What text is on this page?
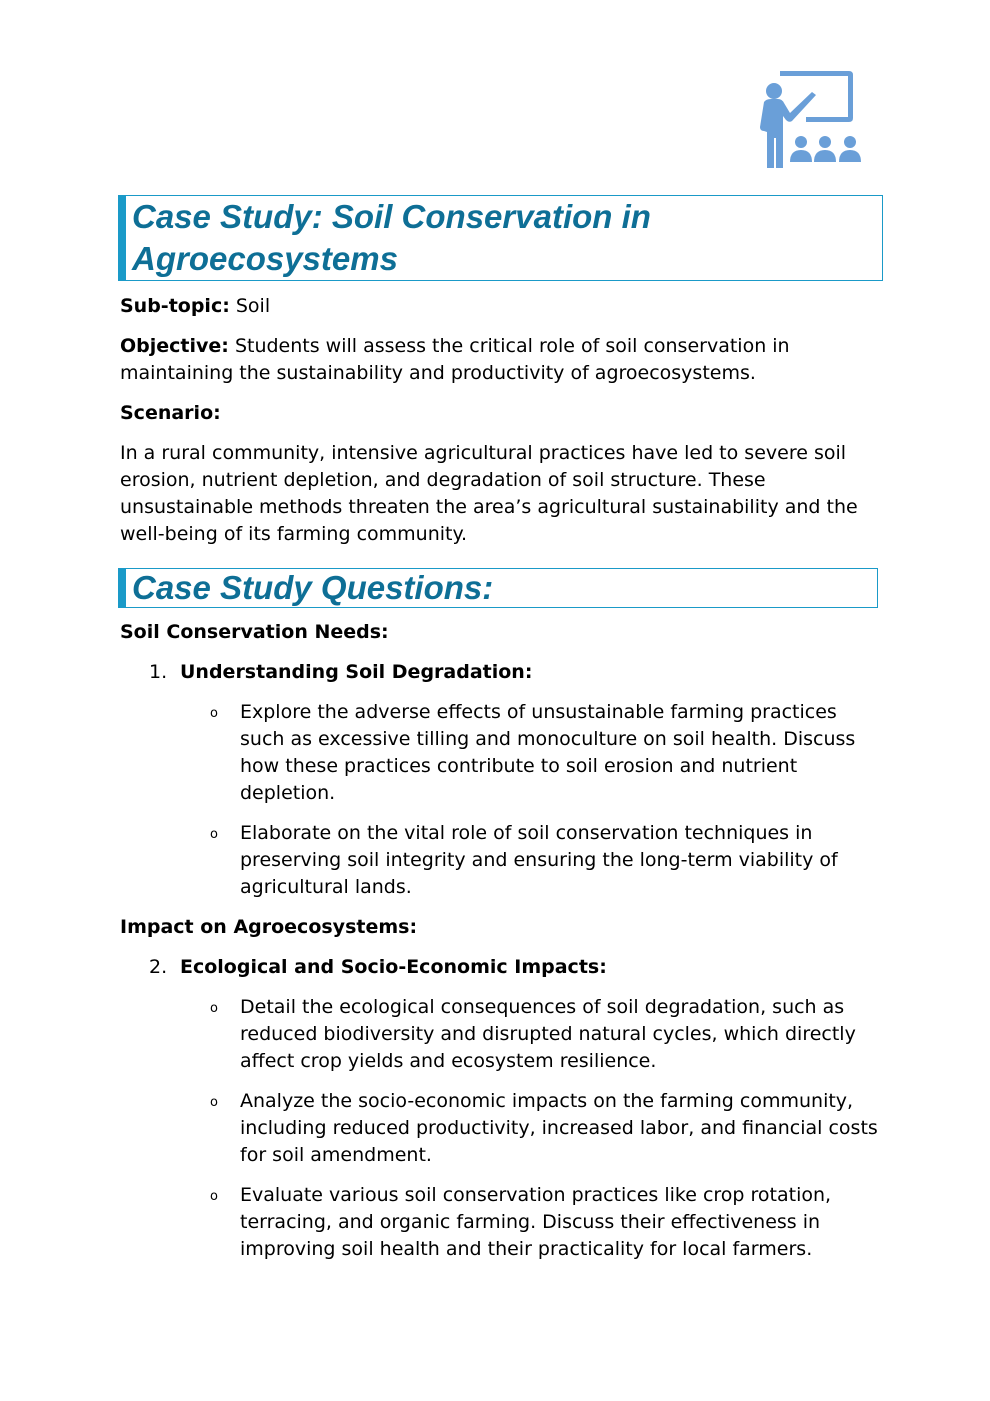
Case Study: Soil Conservation in Agroecosystems

Sub-topic: Soil

Objective: Students will assess the critical role of soil conservation in maintaining the sustainability and productivity of agroecosystems.

Scenario:

In a rural community, intensive agricultural practices have led to severe soil erosion, nutrient depletion, and degradation of soil structure. These unsustainable methods threaten the area’s agricultural sustainability and the well-being of its farming community.

Case Study Questions:

Soil Conservation Needs:

1. Understanding Soil Degradation:
o Explore the adverse effects of unsustainable farming practices such as excessive tilling and monoculture on soil health. Discuss how these practices contribute to soil erosion and nutrient depletion.
o Elaborate on the vital role of soil conservation techniques in preserving soil integrity and ensuring the long-term viability of agricultural lands.

Impact on Agroecosystems:

2. Ecological and Socio-Economic Impacts:
o Detail the ecological consequences of soil degradation, such as reduced biodiversity and disrupted natural cycles, which directly affect crop yields and ecosystem resilience.
o Analyze the socio-economic impacts on the farming community, including reduced productivity, increased labor, and financial costs for soil amendment.
o Evaluate various soil conservation practices like crop rotation, terracing, and organic farming. Discuss their effectiveness in improving soil health and their practicality for local farmers.
